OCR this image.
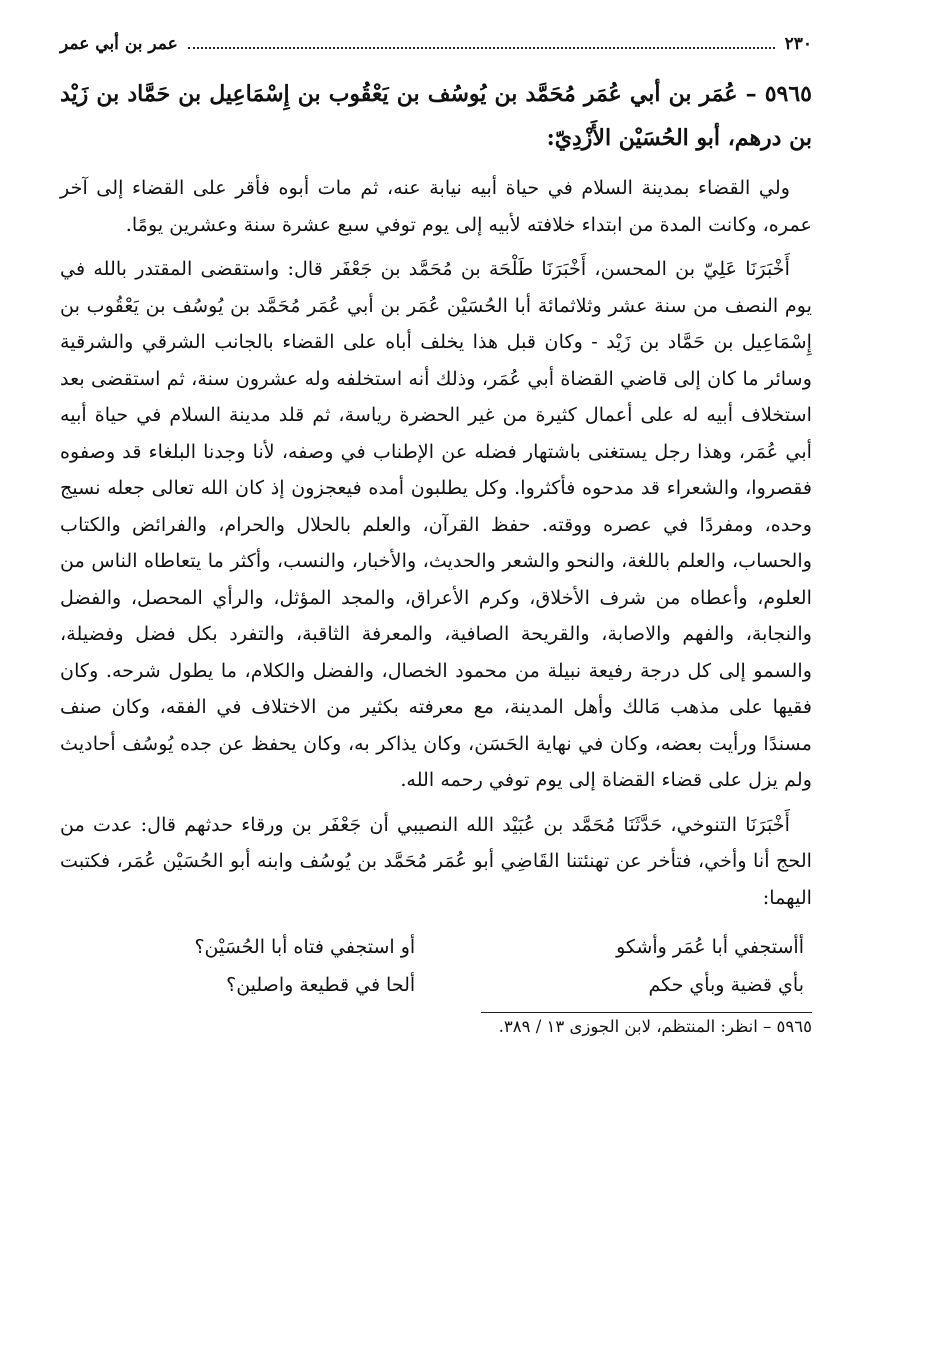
٢٣٠
عمر بن أبي عمر
٥٩٦٥ – عُمَر بن أبي عُمَر مُحَمَّد بن يُوسُف بن يَعْقُوب بن إِسْمَاعِيل بن حَمَّاد بن زَيْد بن درهم، أبو الحُسَيْن الأَزْدِيّ:

ولي القضاء بمدينة السلام في حياة أبيه نيابة عنه، ثم مات أبوه فأقر على القضاء إلى آخر عمره، وكانت المدة من ابتداء خلافته لأبيه إلى يوم توفي سبع عشرة سنة وعشرين يومًا.

أَخْبَرَنَا عَلِيّ بن المحسن، أَخْبَرَنَا طَلْحَة بن مُحَمَّد بن جَعْفَر قال: واستقضى المقتدر بالله في يوم النصف من سنة عشر وثلاثمائة أبا الحُسَيْن عُمَر بن أبي عُمَر مُحَمَّد بن يُوسُف بن يَعْقُوب بن إِسْمَاعِيل بن حَمَّاد بن زَيْد - وكان قبل هذا يخلف أباه على القضاء بالجانب الشرقي والشرقية وسائر ما كان إلى قاضي القضاة أبي عُمَر، وذلك أنه استخلفه وله عشرون سنة، ثم استقضى بعد استخلاف أبيه له على أعمال كثيرة من غير الحضرة رياسة، ثم قلد مدينة السلام في حياة أبيه أبي عُمَر، وهذا رجل يستغنى باشتهار فضله عن الإطناب في وصفه، لأنا وجدنا البلغاء قد وصفوه فقصروا، والشعراء قد مدحوه فأكثروا. وكل يطلبون أمده فيعجزون إذ كان الله تعالى جعله نسيج وحده، ومفردًا في عصره ووقته. حفظ القرآن، والعلم بالحلال والحرام، والفرائض والكتاب والحساب، والعلم باللغة، والنحو والشعر والحديث، والأخبار، والنسب، وأكثر ما يتعاطاه الناس من العلوم، وأعطاه من شرف الأخلاق، وكرم الأعراق، والمجد المؤثل، والرأي المحصل، والفضل والنجابة، والفهم والاصابة، والقريحة الصافية، والمعرفة الثاقبة، والتفرد بكل فضل وفضيلة، والسمو إلى كل درجة رفيعة نبيلة من محمود الخصال، والفضل والكلام، ما يطول شرحه. وكان فقيها على مذهب مَالك وأهل المدينة، مع معرفته بكثير من الاختلاف في الفقه، وكان صنف مسندًا ورأيت بعضه، وكان في نهاية الحَسَن، وكان يذاكر به، وكان يحفظ عن جده يُوسُف أحاديث ولم يزل على قضاء القضاة إلى يوم توفي رحمه الله.

أَخْبَرَنَا التنوخي، حَدَّثَنَا مُحَمَّد بن عُبَيْد الله النصيبي أن جَعْفَر بن ورقاء حدثهم قال: عدت من الحج أنا وأخي، فتأخر عن تهنئتنا القَاضِي أبو عُمَر مُحَمَّد بن يُوسُف وابنه أبو الحُسَيْن عُمَر، فكتبت اليهما:

أأستجفي أبا عُمَر وأشكو
أو استجفي فتاه أبا الحُسَيْن؟
بأي قضية وبأي حكم
ألحا في قطيعة واصلين؟
٥٩٦٥ – انظر: المنتظم، لابن الجوزى ١٣ / ٣٨٩.
